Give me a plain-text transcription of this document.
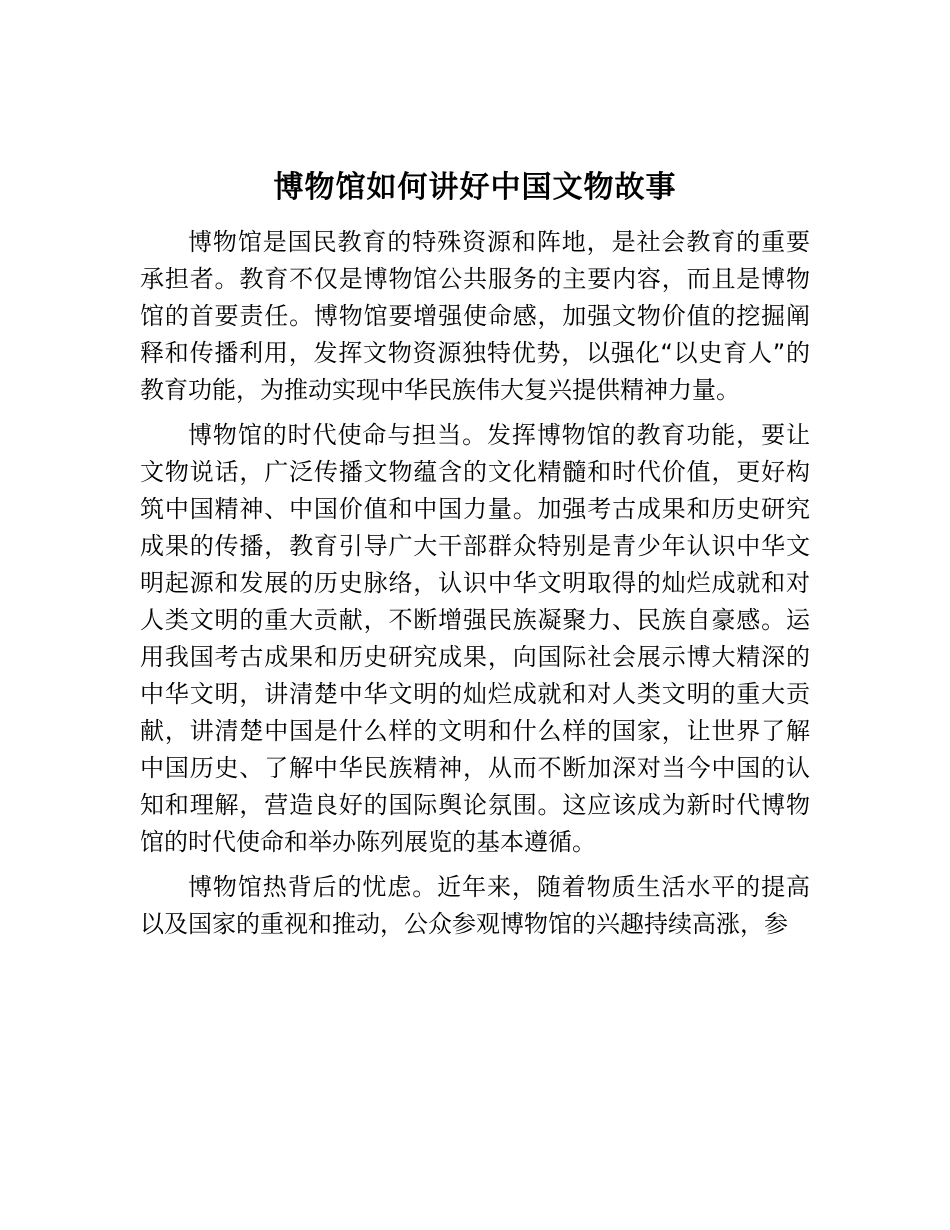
博物馆如何讲好中国文物故事

博物馆是国民教育的特殊资源和阵地，是社会教育的重要承担者。教育不仅是博物馆公共服务的主要内容，而且是博物馆的首要责任。博物馆要增强使命感，加强文物价值的挖掘阐释和传播利用，发挥文物资源独特优势，以强化“以史育人”的教育功能，为推动实现中华民族伟大复兴提供精神力量。

博物馆的时代使命与担当。发挥博物馆的教育功能，要让文物说话，广泛传播文物蕴含的文化精髓和时代价值，更好构筑中国精神、中国价值和中国力量。加强考古成果和历史研究成果的传播，教育引导广大干部群众特别是青少年认识中华文明起源和发展的历史脉络，认识中华文明取得的灿烂成就和对人类文明的重大贡献，不断增强民族凝聚力、民族自豪感。运用我国考古成果和历史研究成果，向国际社会展示博大精深的中华文明，讲清楚中华文明的灿烂成就和对人类文明的重大贡献，讲清楚中国是什么样的文明和什么样的国家，让世界了解中国历史、了解中华民族精神，从而不断加深对当今中国的认知和理解，营造良好的国际舆论氛围。这应该成为新时代博物馆的时代使命和举办陈列展览的基本遵循。

博物馆热背后的忧虑。近年来，随着物质生活水平的提高以及国家的重视和推动，公众参观博物馆的兴趣持续高涨，参
